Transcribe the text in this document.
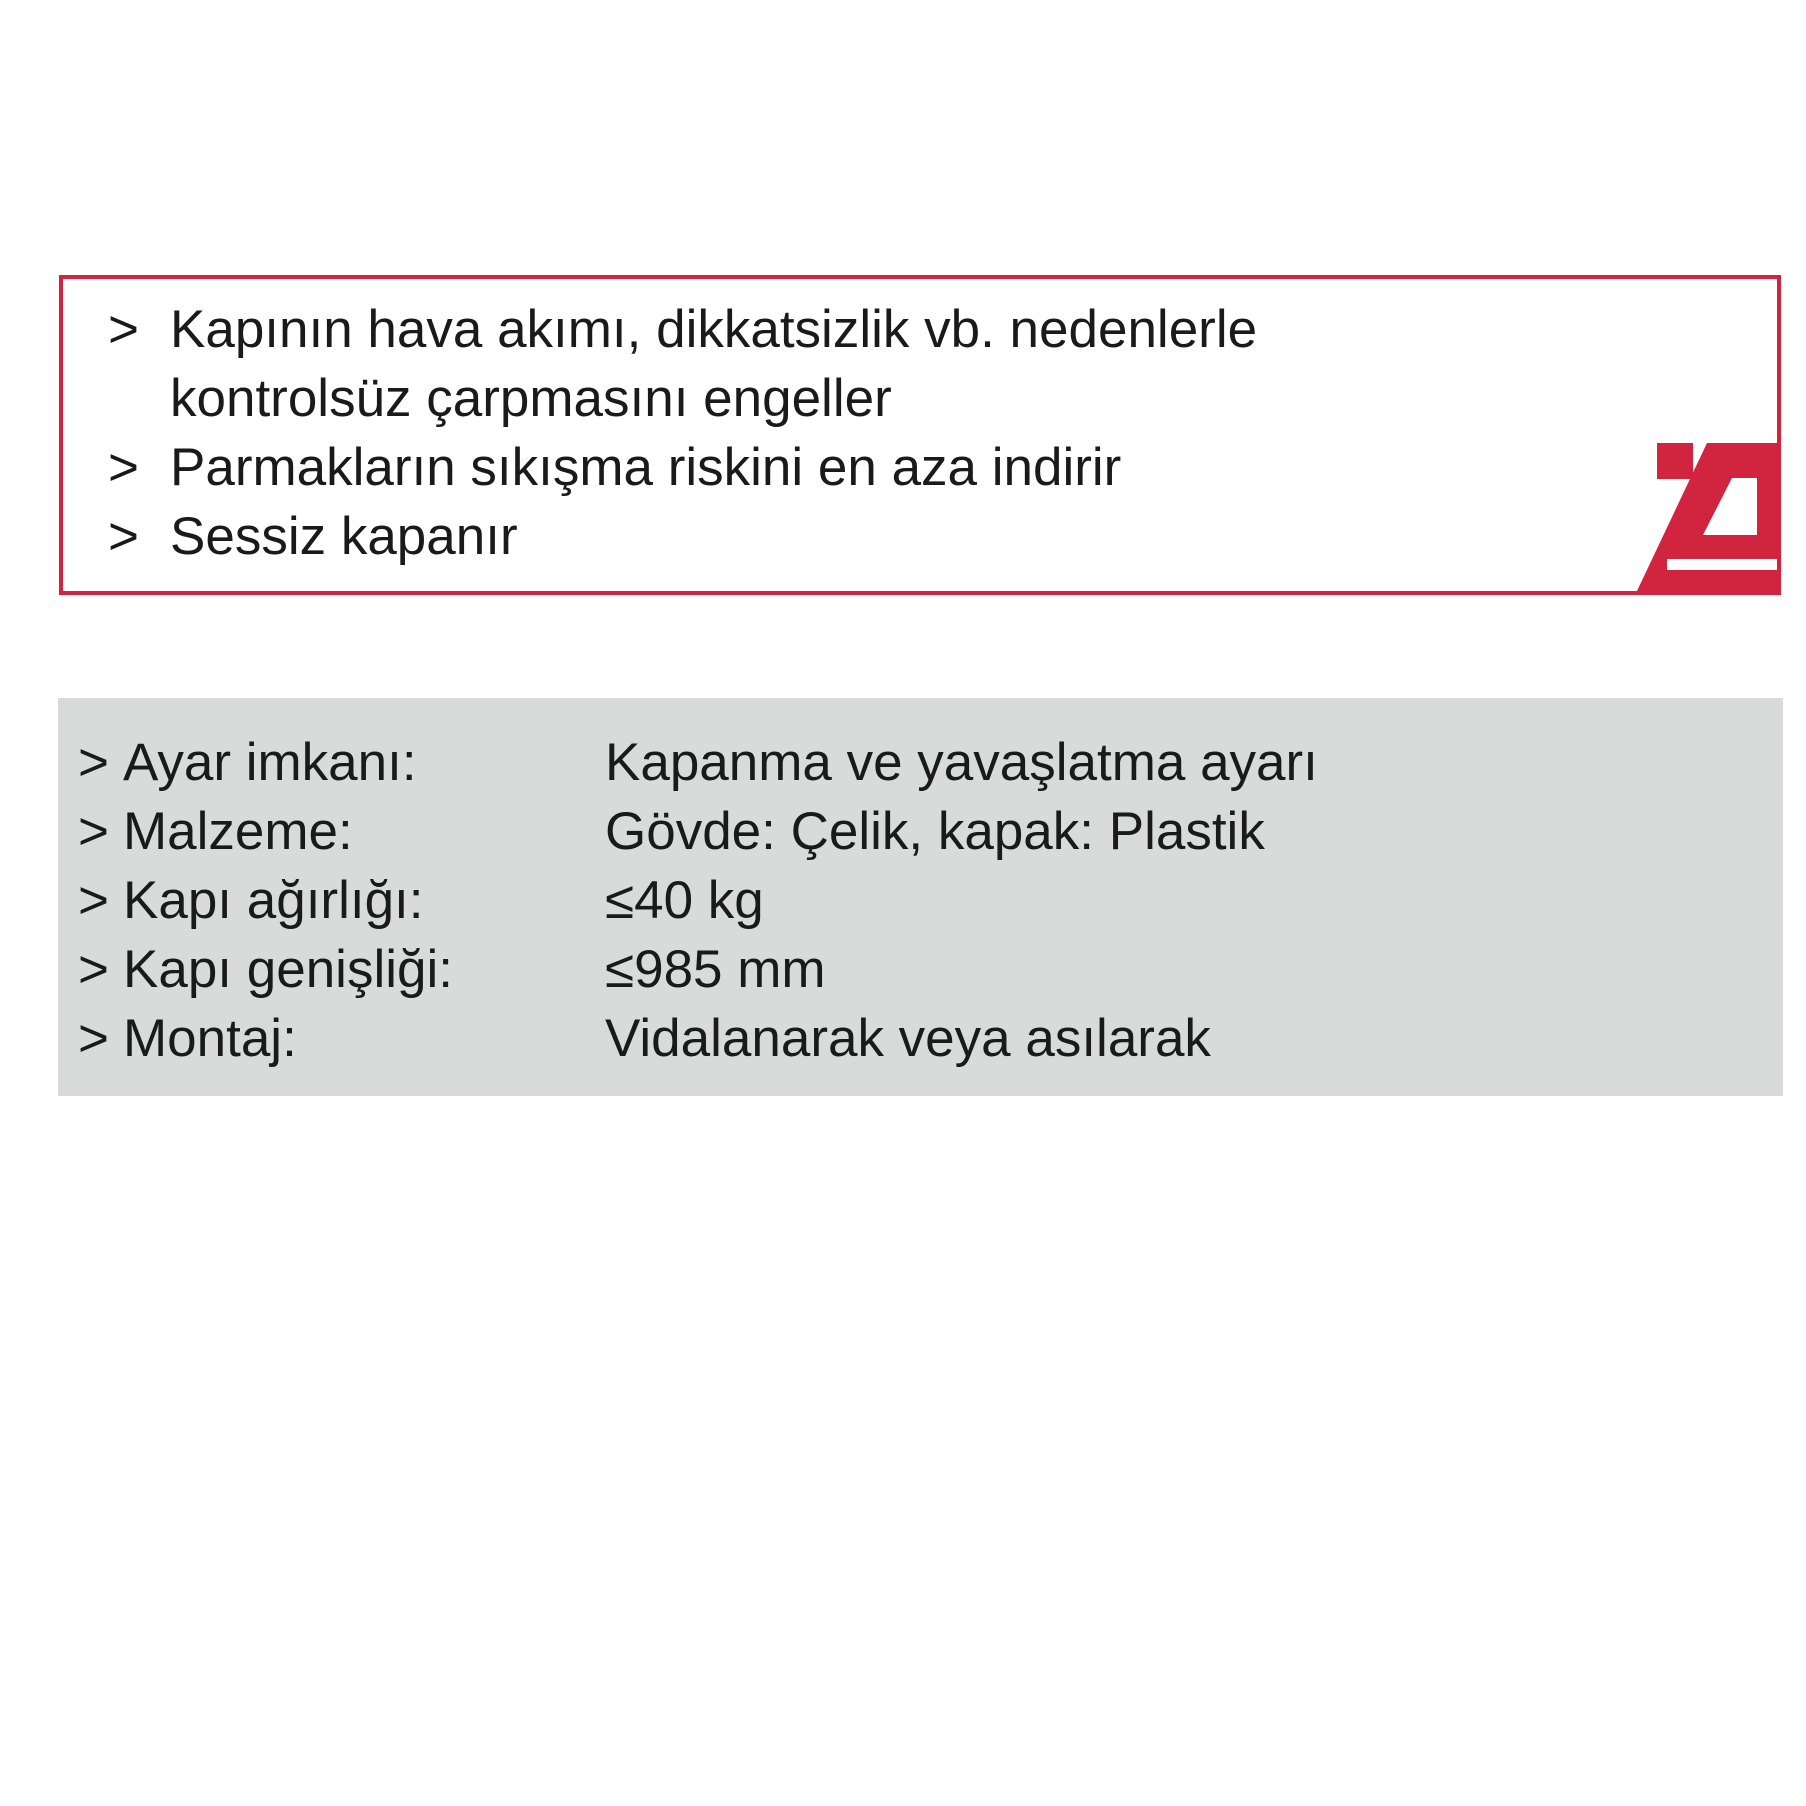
> Kapının hava akımı, dikkatsizlik vb. nedenlerle kontrolsüz çarpmasını engeller
> Parmakların sıkışma riskini en aza indirir
> Sessiz kapanır
> Ayar imkanı:	Kapanma ve yavaşlatma ayarı
> Malzeme:	Gövde: Çelik, kapak: Plastik
> Kapı ağırlığı:	≤40 kg
> Kapı genişliği:	≤985 mm
> Montaj:	Vidalanarak veya asılarak
